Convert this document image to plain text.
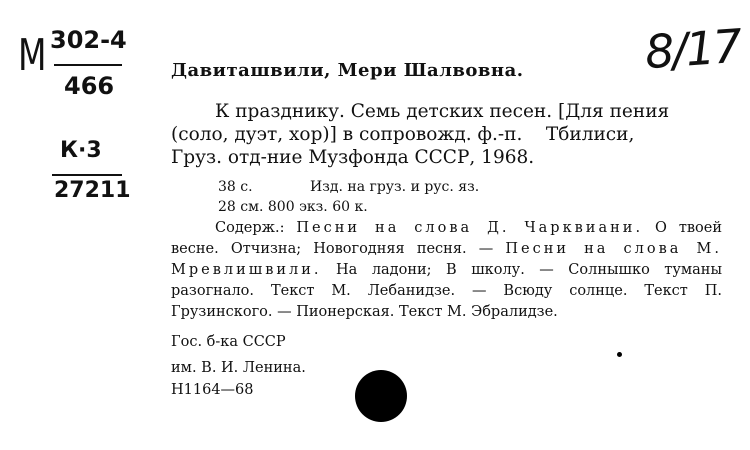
М 302-4
466
К·3
27211
8/17
Давиташвили, Мери Шалвовна.
К празднику. Семь детских песен. [Для пения
(соло, дуэт, хор)] в сопровожд. ф.-п.    Тбилиси,
Груз. отд-ние Музфонда СССР, 1968.
38 с.	Изд. на груз. и рус. яз.
28 см. 800 экз. 60 к.
Содерж.: Песни на слова Д. Чарквиани. О твоей весне. Отчизна; Новогодняя песня. — Песни на слова М. Мревлишвили. На ладони; В школу. — Солнышко туманы разогнало. Текст М. Лебанидзе. — Всюду солнце. Текст П. Грузинского. — Пионерская. Текст М. Эбралидзе.
Гос. б-ка СССР
им. В. И. Ленина.
Н1164—68
